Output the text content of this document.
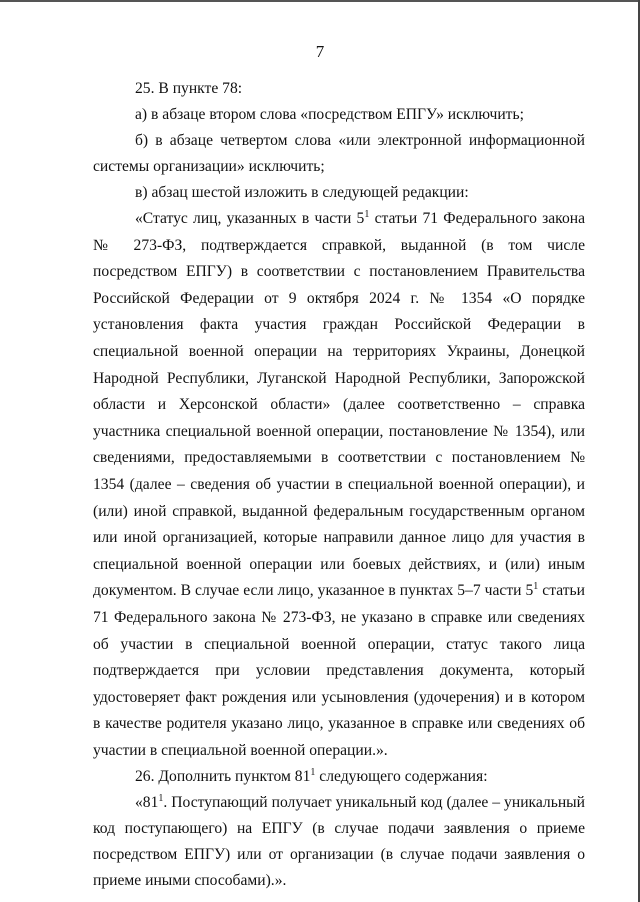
7

25. В пункте 78:

а) в абзаце втором слова «посредством ЕПГУ» исключить;

б) в абзаце четвертом слова «или электронной информационной системы организации» исключить;

в) абзац шестой изложить в следующей редакции:

«Статус лиц, указанных в части $5^1$ статьи 71 Федерального закона № 273-ФЗ, подтверждается справкой, выданной (в том числе посредством ЕПГУ) в соответствии с постановлением Правительства Российской Федерации от 9 октября 2024 г. № 1354 «О порядке установления факта участия граждан Российской Федерации в специальной военной операции на территориях Украины, Донецкой Народной Республики, Луганской Народной Республики, Запорожской области и Херсонской области» (далее соответственно – справка участника специальной военной операции, постановление № 1354), или сведениями, предоставляемыми в соответствии с постановлением № 1354 (далее – сведения об участии в специальной военной операции), и (или) иной справкой, выданной федеральным государственным органом или иной организацией, которые направили данное лицо для участия в специальной военной операции или боевых действиях, и (или) иным документом. В случае если лицо, указанное в пунктах 5–7 части $5^1$ статьи 71 Федерального закона № 273-ФЗ, не указано в справке или сведениях об участии в специальной военной операции, статус такого лица подтверждается при условии представления документа, который удостоверяет факт рождения или усыновления (удочерения) и в котором в качестве родителя указано лицо, указанное в справке или сведениях об участии в специальной военной операции.».

26. Дополнить пунктом $81^1$ следующего содержания:

«$81^1$. Поступающий получает уникальный код (далее – уникальный код поступающего) на ЕПГУ (в случае подачи заявления о приеме посредством ЕПГУ) или от организации (в случае подачи заявления о приеме иными способами).».
